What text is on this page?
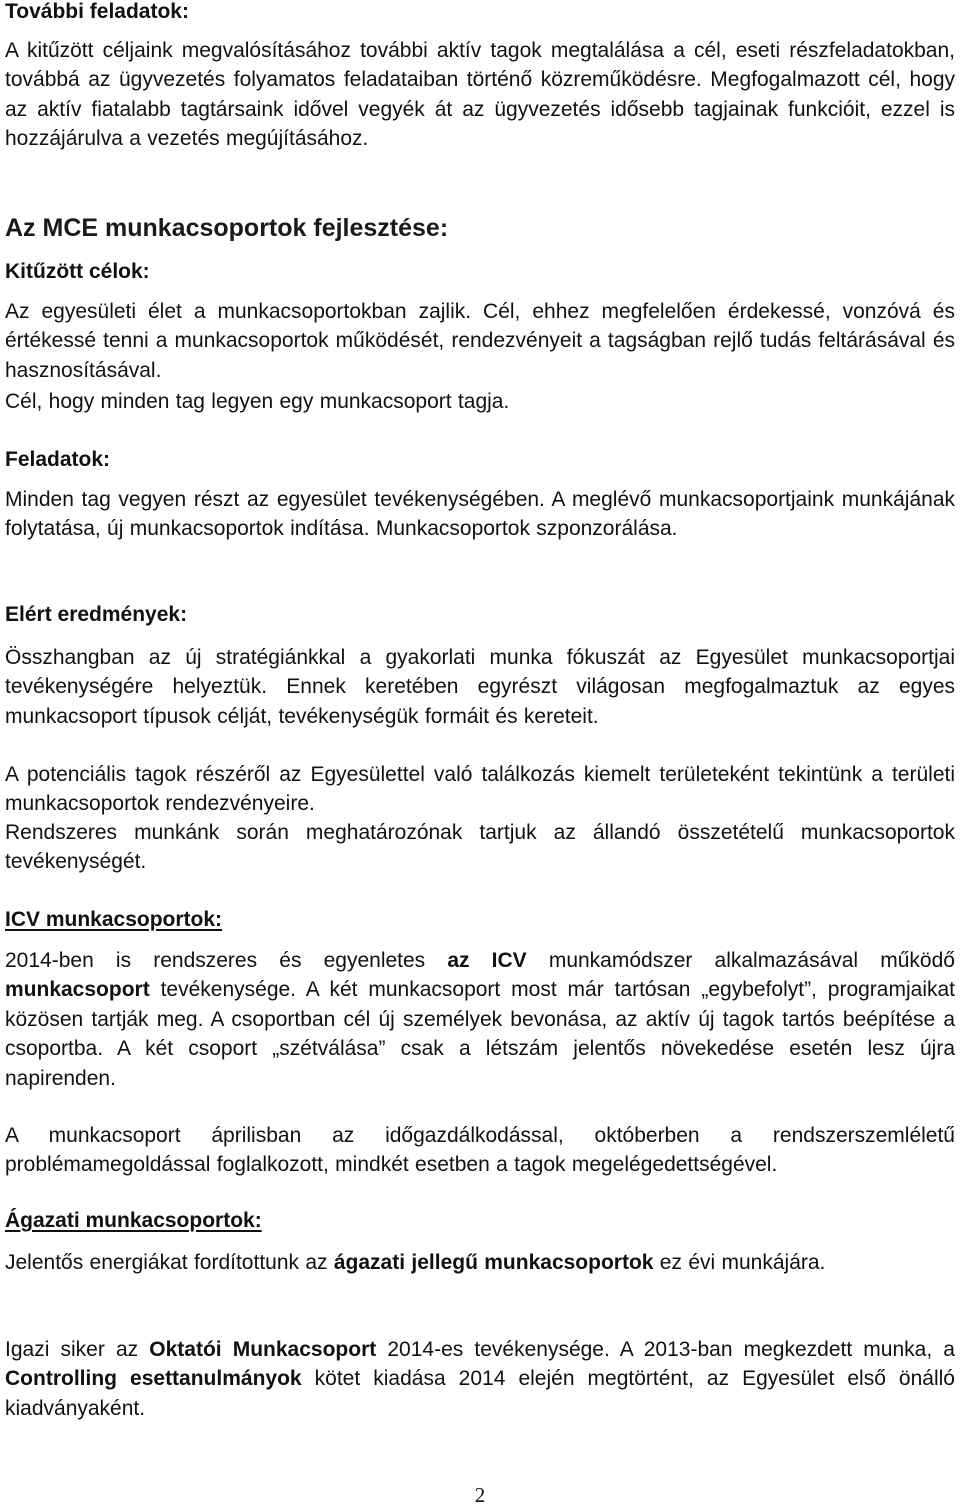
További feladatok:

A kitűzött céljaink megvalósításához további aktív tagok megtalálása a cél, eseti részfeladatokban, továbbá az ügyvezetés folyamatos feladataiban történő közreműködésre. Megfogalmazott cél, hogy az aktív fiatalabb tagtársaink idővel vegyék át az ügyvezetés idősebb tagjainak funkcióit, ezzel is hozzájárulva a vezetés megújításához.

Az MCE munkacsoportok fejlesztése:
Kitűzött célok:

Az egyesületi élet a munkacsoportokban zajlik. Cél, ehhez megfelelően érdekessé, vonzóvá és értékessé tenni a munkacsoportok működését, rendezvényeit a tagságban rejlő tudás feltárásával és hasznosításával.

Cél, hogy minden tag legyen egy munkacsoport tagja.

Feladatok:

Minden tag vegyen részt az egyesület tevékenységében. A meglévő munkacsoportjaink munkájának folytatása, új munkacsoportok indítása. Munkacsoportok szponzorálása.

Elért eredmények:

Összhangban az új stratégiánkkal a gyakorlati munka fókuszát az Egyesület munkacsoportjai tevékenységére helyeztük. Ennek keretében egyrészt világosan megfogalmaztuk az egyes munkacsoport típusok célját, tevékenységük formáit és kereteit.

A potenciális tagok részéről az Egyesülettel való találkozás kiemelt területeként tekintünk a területi munkacsoportok rendezvényeire.

Rendszeres munkánk során meghatározónak tartjuk az állandó összetételű munkacsoportok tevékenységét.

ICV munkacsoportok:

2014-ben is rendszeres és egyenletes az ICV munkamódszer alkalmazásával működő munkacsoport tevékenysége. A két munkacsoport most már tartósan „egybefolyt”, programjaikat közösen tartják meg. A csoportban cél új személyek bevonása, az aktív új tagok tartós beépítése a csoportba. A két csoport „szétválása” csak a létszám jelentős növekedése esetén lesz újra napirenden.

A munkacsoport áprilisban az időgazdálkodással, októberben a rendszerszemléletű problémamegoldással foglalkozott, mindkét esetben a tagok megelégedettségével.

Ágazati munkacsoportok:

Jelentős energiákat fordítottunk az ágazati jellegű munkacsoportok ez évi munkájára.

Igazi siker az Oktatói Munkacsoport 2014-es tevékenysége. A 2013-ban megkezdett munka, a Controlling esettanulmányok kötet kiadása 2014 elején megtörtént, az Egyesület első önálló kiadványaként.

2
